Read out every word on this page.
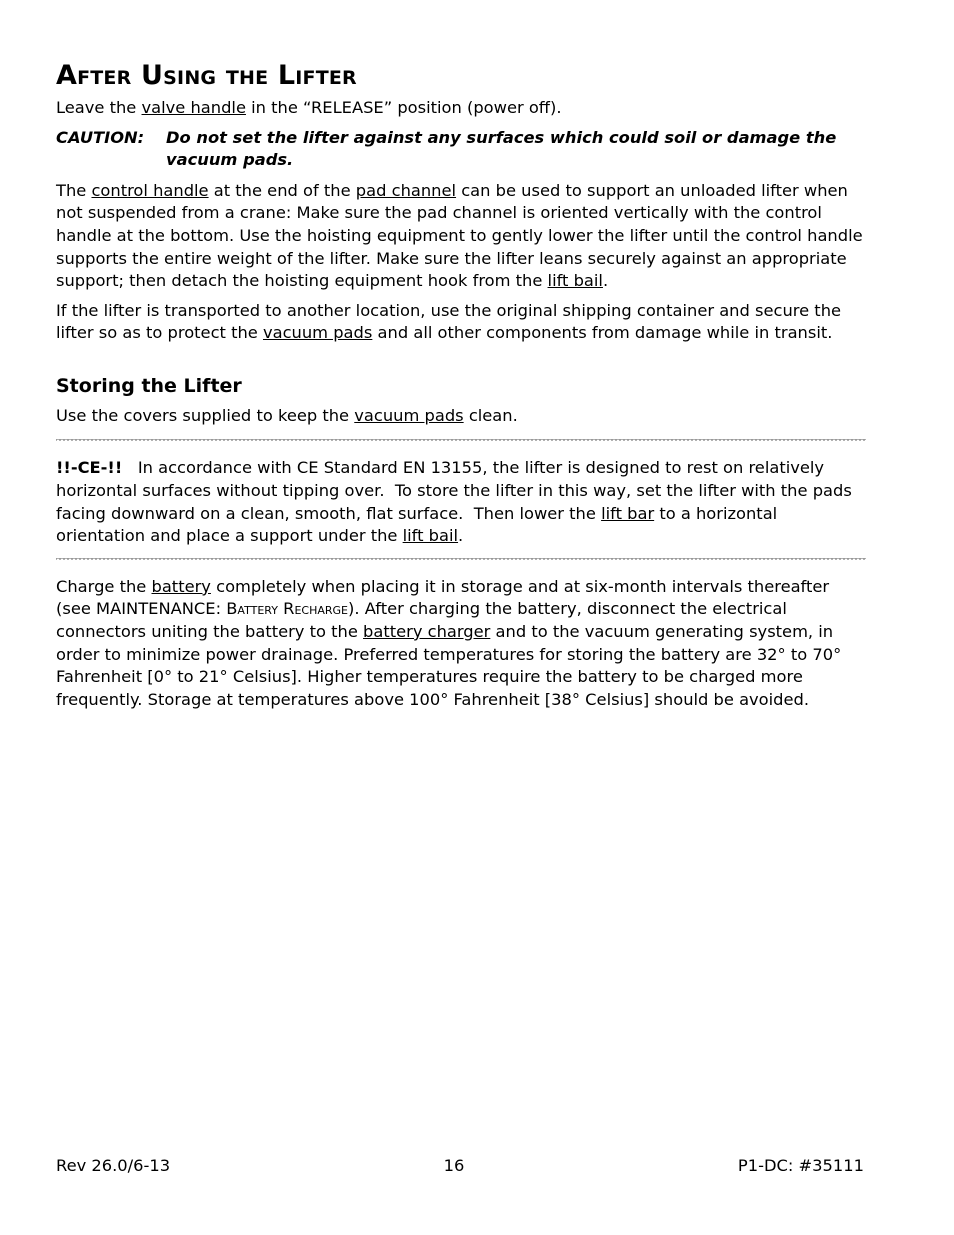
After Using the Lifter

Leave the valve handle in the “RELEASE” position (power off).

CAUTION:	Do not set the lifter against any surfaces which could soil or damage the vacuum pads.

The control handle at the end of the pad channel can be used to support an unloaded lifter when not suspended from a crane: Make sure the pad channel is oriented vertically with the control handle at the bottom. Use the hoisting equipment to gently lower the lifter until the control handle supports the entire weight of the lifter. Make sure the lifter leans securely against an appropriate support; then detach the hoisting equipment hook from the lift bail.

If the lifter is transported to another location, use the original shipping container and secure the lifter so as to protect the vacuum pads and all other components from damage while in transit.

Storing the Lifter

Use the covers supplied to keep the vacuum pads clean.

!!-CE-!!   In accordance with CE Standard EN 13155, the lifter is designed to rest on relatively horizontal surfaces without tipping over.  To store the lifter in this way, set the lifter with the pads facing downward on a clean, smooth, flat surface.  Then lower the lift bar to a horizontal orientation and place a support under the lift bail.

Charge the battery completely when placing it in storage and at six-month intervals thereafter (see MAINTENANCE: Battery Recharge). After charging the battery, disconnect the electrical connectors uniting the battery to the battery charger and to the vacuum generating system, in order to minimize power drainage. Preferred temperatures for storing the battery are 32° to 70° Fahrenheit [0° to 21° Celsius]. Higher temperatures require the battery to be charged more frequently. Storage at temperatures above 100° Fahrenheit [38° Celsius] should be avoided.

Rev 26.0/6-13	16	P1-DC: #35111
